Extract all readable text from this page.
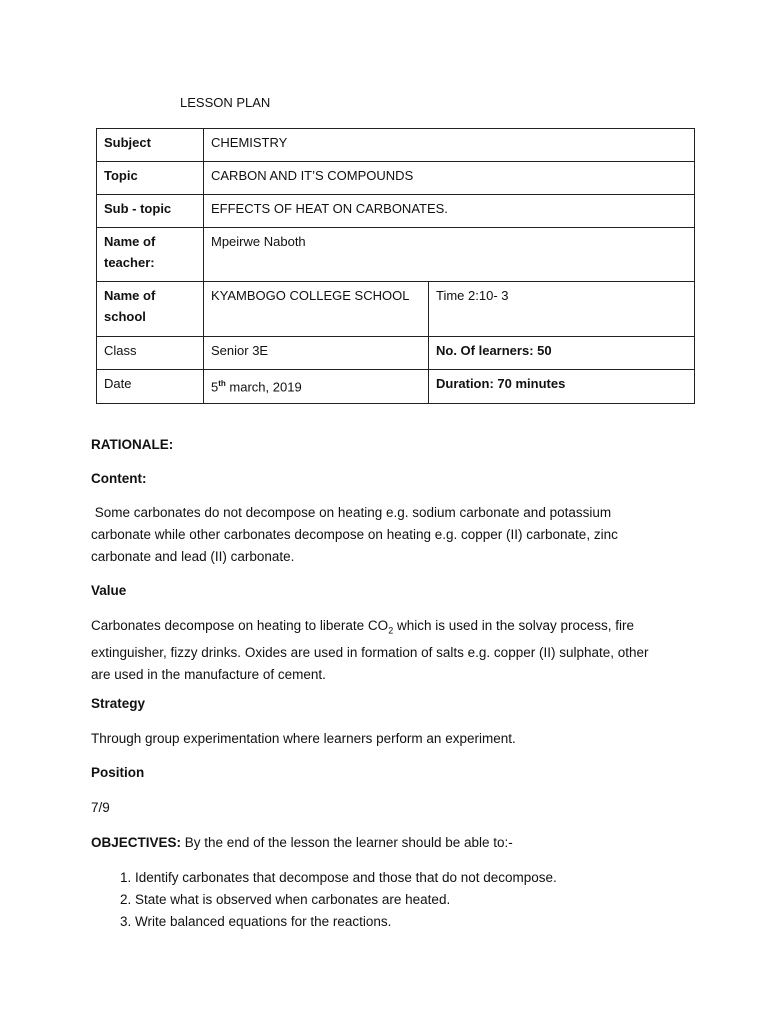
LESSON PLAN
Subject	CHEMISTRY	
Topic	CARBON AND IT’S COMPOUNDS	
Sub - topic	EFFECTS OF HEAT ON CARBONATES.	
Name of
teacher:	Mpeirwe Naboth	
Name of
school	KYAMBOGO COLLEGE SCHOOL	Time 2:10- 3
Class	Senior 3E	No. Of learners: 50
Date	5th march, 2019	Duration: 70 minutes
RATIONALE:
Content:
Some carbonates do not decompose on heating e.g. sodium carbonate and potassium carbonate while other carbonates decompose on heating e.g. copper (II) carbonate, zinc carbonate and lead (II) carbonate.
Value
Carbonates decompose on heating to liberate $CO_2$ which is used in the solvay process, fire extinguisher, fizzy drinks. Oxides are used in formation of salts e.g. copper (II) sulphate, other are used in the manufacture of cement.
Strategy
Through group experimentation where learners perform an experiment.
Position
7/9
OBJECTIVES: By the end of the lesson the learner should be able to:-
1. Identify carbonates that decompose and those that do not decompose.
2. State what is observed when carbonates are heated.
3. Write balanced equations for the reactions.
